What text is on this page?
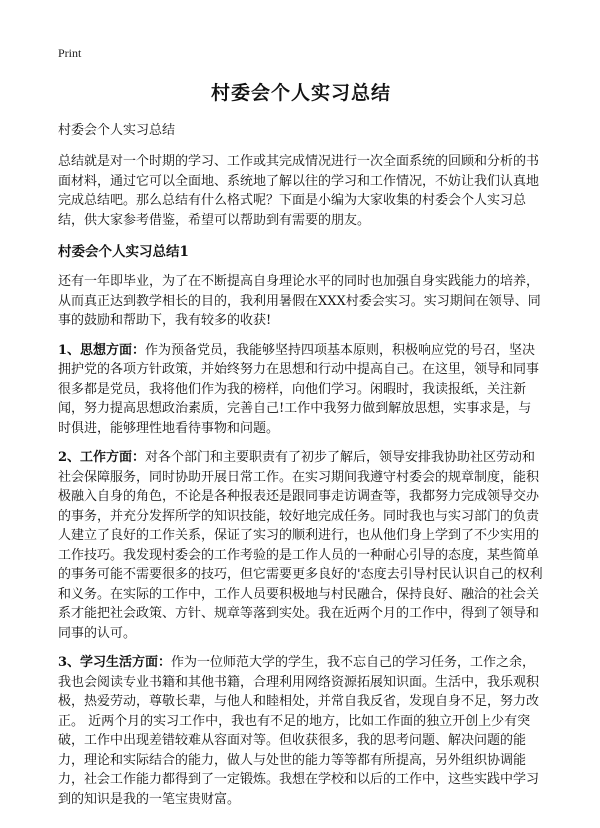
Print
村委会个人实习总结
村委会个人实习总结

总结就是对一个时期的学习、工作或其完成情况进行一次全面系统的回顾和分析的书面材料，通过它可以全面地、系统地了解以往的学习和工作情况，不妨让我们认真地完成总结吧。那么总结有什么格式呢？下面是小编为大家收集的村委会个人实习总结，供大家参考借鉴，希望可以帮助到有需要的朋友。

村委会个人实习总结1

还有一年即毕业，为了在不断提高自身理论水平的同时也加强自身实践能力的培养，从而真正达到教学相长的目的，我利用暑假在XXX村委会实习。实习期间在领导、同事的鼓励和帮助下，我有较多的收获!

1、思想方面：作为预备党员，我能够坚持四项基本原则，积极响应党的号召，坚决拥护党的各项方针政策，并始终努力在思想和行动中提高自己。在这里，领导和同事很多都是党员，我将他们作为我的榜样，向他们学习。闲暇时，我读报纸，关注新闻，努力提高思想政治素质，完善自己!工作中我努力做到解放思想，实事求是，与时俱进，能够理性地看待事物和问题。

2、工作方面：对各个部门和主要职责有了初步了解后，领导安排我协助社区劳动和社会保障服务，同时协助开展日常工作。在实习期间我遵守村委会的规章制度，能积极融入自身的角色，不论是各种报表还是跟同事走访调查等，我都努力完成领导交办的事务，并充分发挥所学的知识技能，较好地完成任务。同时我也与实习部门的负责人建立了良好的工作关系，保证了实习的顺利进行，也从他们身上学到了不少实用的工作技巧。我发现村委会的工作考验的是工作人员的一种耐心引导的态度，某些简单的事务可能不需要很多的技巧，但它需要更多良好的'态度去引导村民认识自己的权利和义务。在实际的工作中，工作人员要积极地与村民融合，保持良好、融洽的社会关系才能把社会政策、方针、规章等落到实处。我在近两个月的工作中，得到了领导和同事的认可。

3、学习生活方面：作为一位师范大学的学生，我不忘自己的学习任务，工作之余，我也会阅读专业书籍和其他书籍，合理利用网络资源拓展知识面。生活中，我乐观积极，热爱劳动，尊敬长辈，与他人和睦相处，并常自我反省，发现自身不足，努力改正。 近两个月的实习工作中，我也有不足的地方，比如工作面的独立开创上少有突破，工作中出现差错较难从容面对等。但收获很多，我的思考问题、解决问题的能力，理论和实际结合的能力，做人与处世的能力等等都有所提高，另外组织协调能力，社会工作能力都得到了一定锻炼。我想在学校和以后的工作中，这些实践中学习到的知识是我的一笔宝贵财富。
